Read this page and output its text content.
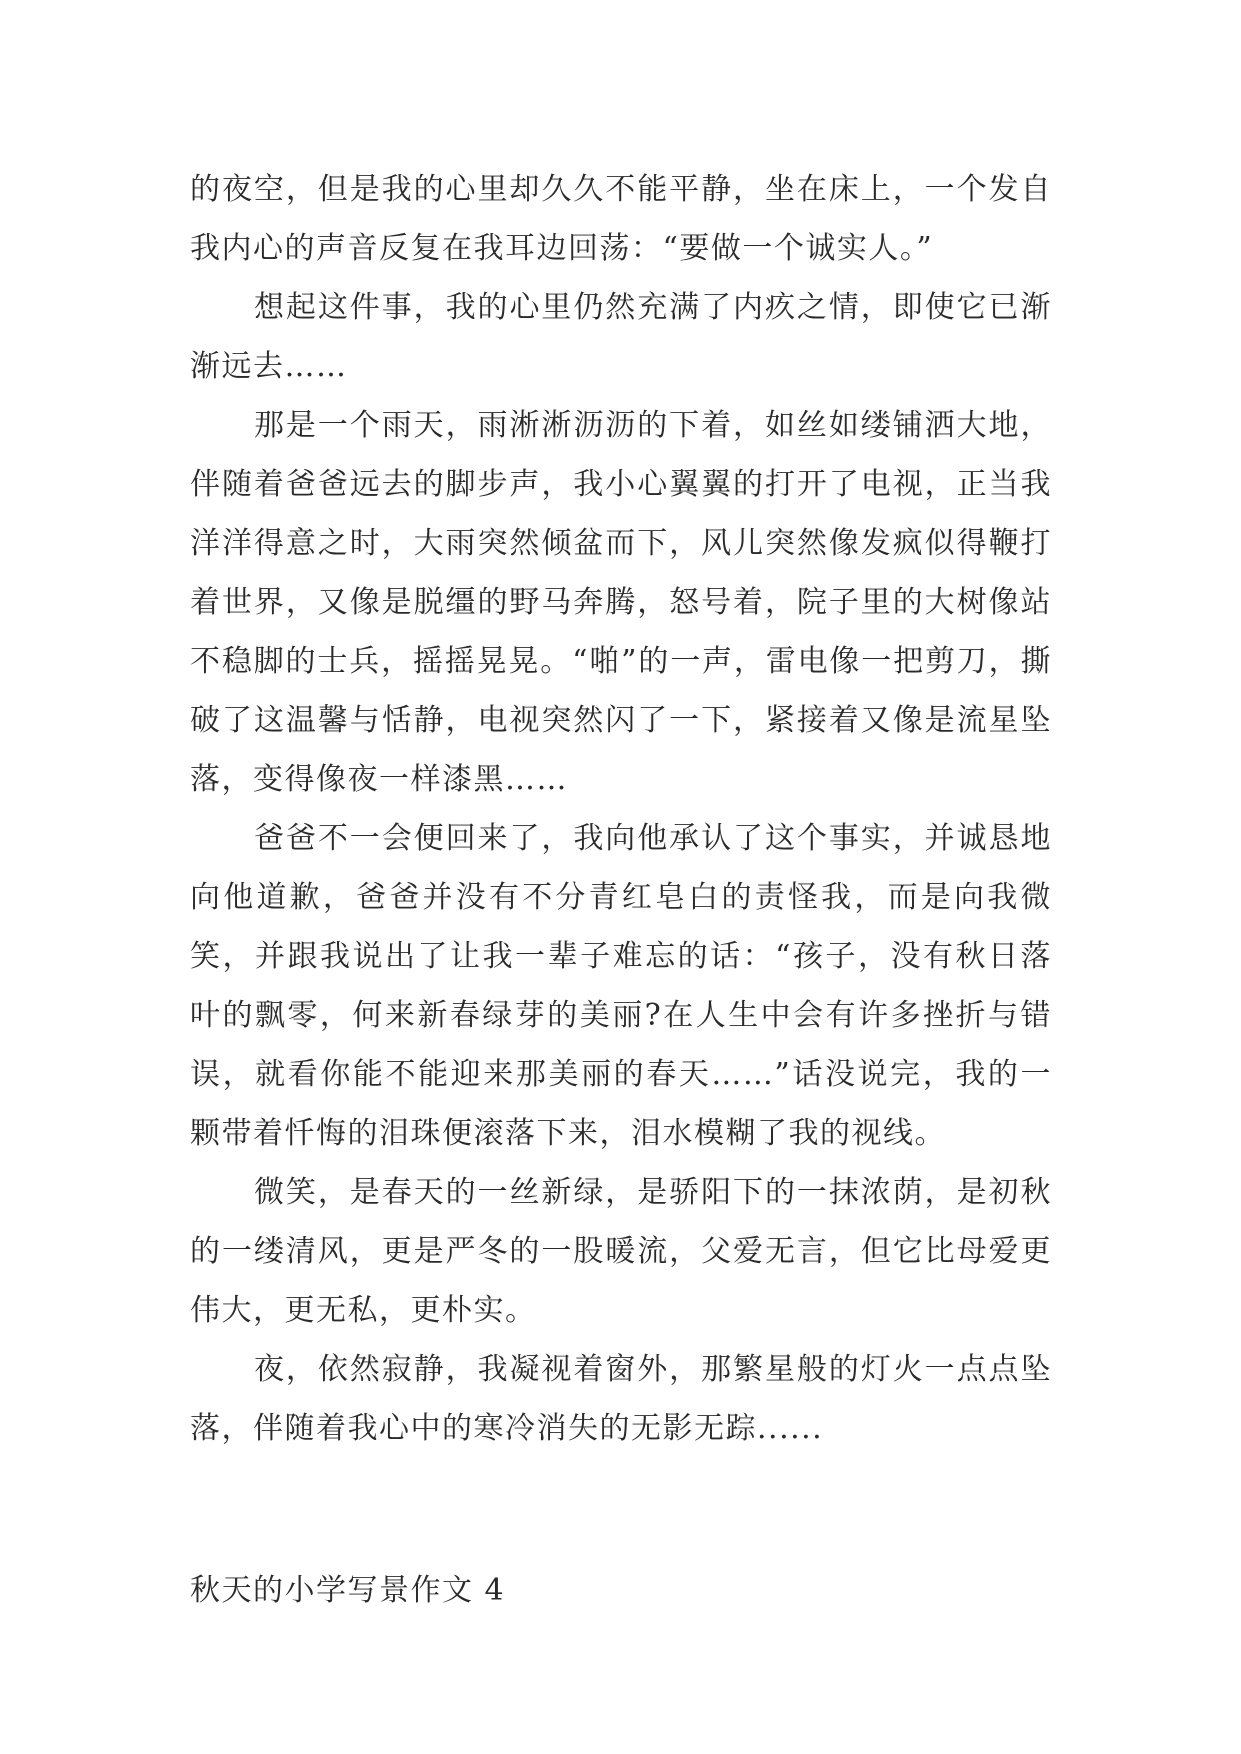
的夜空，但是我的心里却久久不能平静，坐在床上，一个发自我内心的声音反复在我耳边回荡：“要做一个诚实人。”

想起这件事，我的心里仍然充满了内疚之情，即使它已渐渐远去……

那是一个雨天，雨淅淅沥沥的下着，如丝如缕铺洒大地，伴随着爸爸远去的脚步声，我小心翼翼的打开了电视，正当我洋洋得意之时，大雨突然倾盆而下，风儿突然像发疯似得鞭打着世界，又像是脱缰的野马奔腾，怒号着，院子里的大树像站不稳脚的士兵，摇摇晃晃。“啪”的一声，雷电像一把剪刀，撕破了这温馨与恬静，电视突然闪了一下，紧接着又像是流星坠落，变得像夜一样漆黑……

爸爸不一会便回来了，我向他承认了这个事实，并诚恳地向他道歉，爸爸并没有不分青红皂白的责怪我，而是向我微笑，并跟我说出了让我一辈子难忘的话：“孩子，没有秋日落叶的飘零，何来新春绿芽的美丽?在人生中会有许多挫折与错误，就看你能不能迎来那美丽的春天……”话没说完，我的一颗带着忏悔的泪珠便滚落下来，泪水模糊了我的视线。

微笑，是春天的一丝新绿，是骄阳下的一抹浓荫，是初秋的一缕清风，更是严冬的一股暖流，父爱无言，但它比母爱更伟大，更无私，更朴实。

夜，依然寂静，我凝视着窗外，那繁星般的灯火一点点坠落，伴随着我心中的寒冷消失的无影无踪......

秋天的小学写景作文 4
